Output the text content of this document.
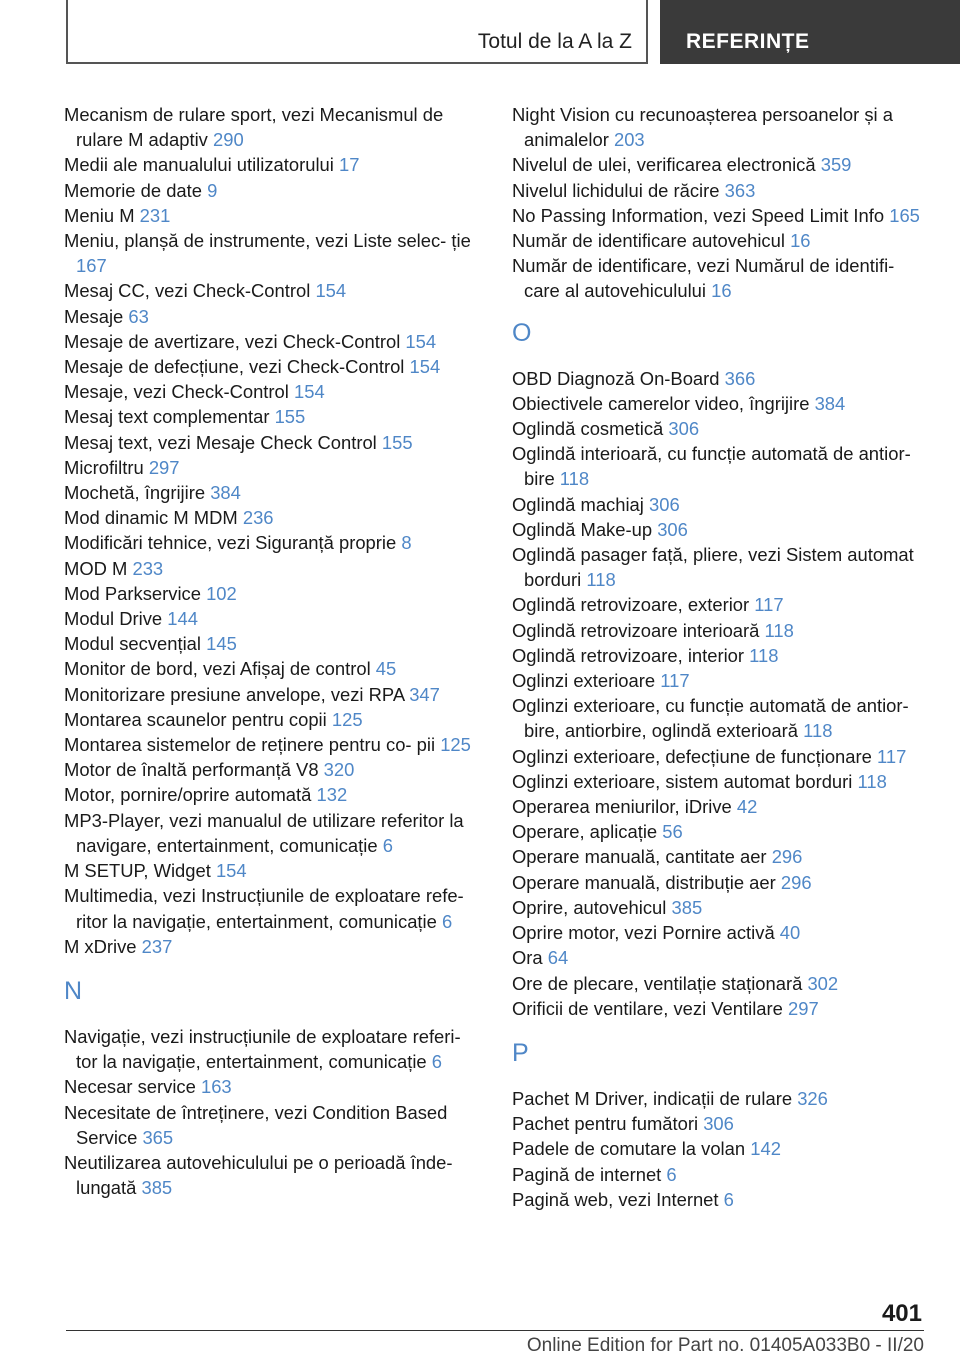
Totul de la A la Z	REFERINȚE
Mecanism de rulare sport, vezi Mecanismul de rulare M adaptiv 290
Medii ale manualului utilizatorului 17
Memorie de date 9
Meniu M 231
Meniu, planșă de instrumente, vezi Liste selec‐ ție 167
Mesaj CC, vezi Check-Control 154
Mesaje 63
Mesaje de avertizare, vezi Check-Control 154
Mesaje de defecțiune, vezi Check-Control 154
Mesaje, vezi Check-Control 154
Mesaj text complementar 155
Mesaj text, vezi Mesaje Check Control 155
Microfiltru 297
Mochetă, îngrijire 384
Mod dinamic M MDM 236
Modificări tehnice, vezi Siguranță proprie 8
MOD M 233
Mod Parkservice 102
Modul Drive 144
Modul secvențial 145
Monitor de bord, vezi Afișaj de control 45
Monitorizare presiune anvelope, vezi RPA 347
Montarea scaunelor pentru copii 125
Montarea sistemelor de reținere pentru co‐ pii 125
Motor de înaltă performanță V8 320
Motor, pornire/oprire automată 132
MP3-Player, vezi manualul de utilizare referitor la navigare, entertainment, comunicație 6
M SETUP, Widget 154
Multimedia, vezi Instrucțiunile de exploatare refe‐ ritor la navigație, entertainment, comunicație 6
M xDrive 237
N
Navigație, vezi instrucțiunile de exploatare referi‐ tor la navigație, entertainment, comunicație 6
Necesar service 163
Necesitate de întreținere, vezi Condition Based Service 365
Neutilizarea autovehiculului pe o perioadă înde‐ lungată 385
Night Vision cu recunoașterea persoanelor și a animalelor 203
Nivelul de ulei, verificarea electronică 359
Nivelul lichidului de răcire 363
No Passing Information, vezi Speed Limit Info 165
Număr de identificare autovehicul 16
Număr de identificare, vezi Numărul de identifi‐ care al autovehiculului 16
O
OBD Diagnoză On-Board 366
Obiectivele camerelor video, îngrijire 384
Oglindă cosmetică 306
Oglindă interioară, cu funcție automată de antior‐ bire 118
Oglindă machiaj 306
Oglindă Make-up 306
Oglindă pasager față, pliere, vezi Sistem automat borduri 118
Oglindă retrovizoare, exterior 117
Oglindă retrovizoare interioară 118
Oglindă retrovizoare, interior 118
Oglinzi exterioare 117
Oglinzi exterioare, cu funcție automată de antior‐ bire, antiorbire, oglindă exterioară 118
Oglinzi exterioare, defecțiune de funcționare 117
Oglinzi exterioare, sistem automat borduri 118
Operarea meniurilor, iDrive 42
Operare, aplicație 56
Operare manuală, cantitate aer 296
Operare manuală, distribuție aer 296
Oprire, autovehicul 385
Oprire motor, vezi Pornire activă 40
Ora 64
Ore de plecare, ventilație staționară 302
Orificii de ventilare, vezi Ventilare 297
P
Pachet M Driver, indicații de rulare 326
Pachet pentru fumători 306
Padele de comutare la volan 142
Pagină de internet 6
Pagină web, vezi Internet 6
401
Online Edition for Part no. 01405A033B0 - II/20
